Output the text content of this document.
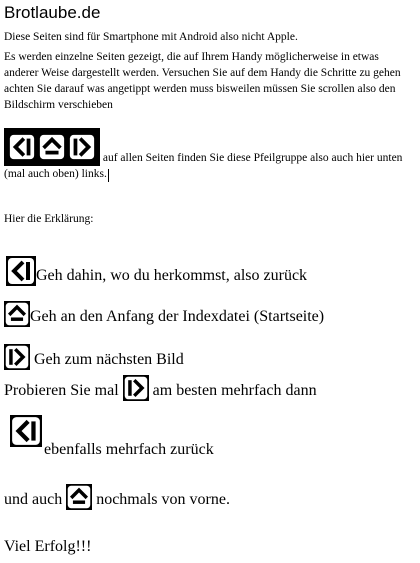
Brotlaube.de

Diese Seiten sind für Smartphone mit Android also nicht Apple.

Es werden einzelne Seiten gezeigt, die auf Ihrem Handy möglicherweise in etwas anderer Weise dargestellt werden. Versuchen Sie auf dem Handy die Schritte zu gehen achten Sie darauf was angetippt werden muss bisweilen müssen Sie scrollen also den Bildschirm verschieben

auf allen Seiten finden Sie diese Pfeilgruppe also auch hier unten (mal auch oben) links.

Hier die Erklärung:

Geh dahin, wo du herkommst, also zurück

Geh an den Anfang der Indexdatei (Startseite)

Geh zum nächsten Bild

Probieren Sie mal  am besten mehrfach dann

ebenfalls mehrfach zurück

und auch  nochmals von vorne.

Viel Erfolg!!!
